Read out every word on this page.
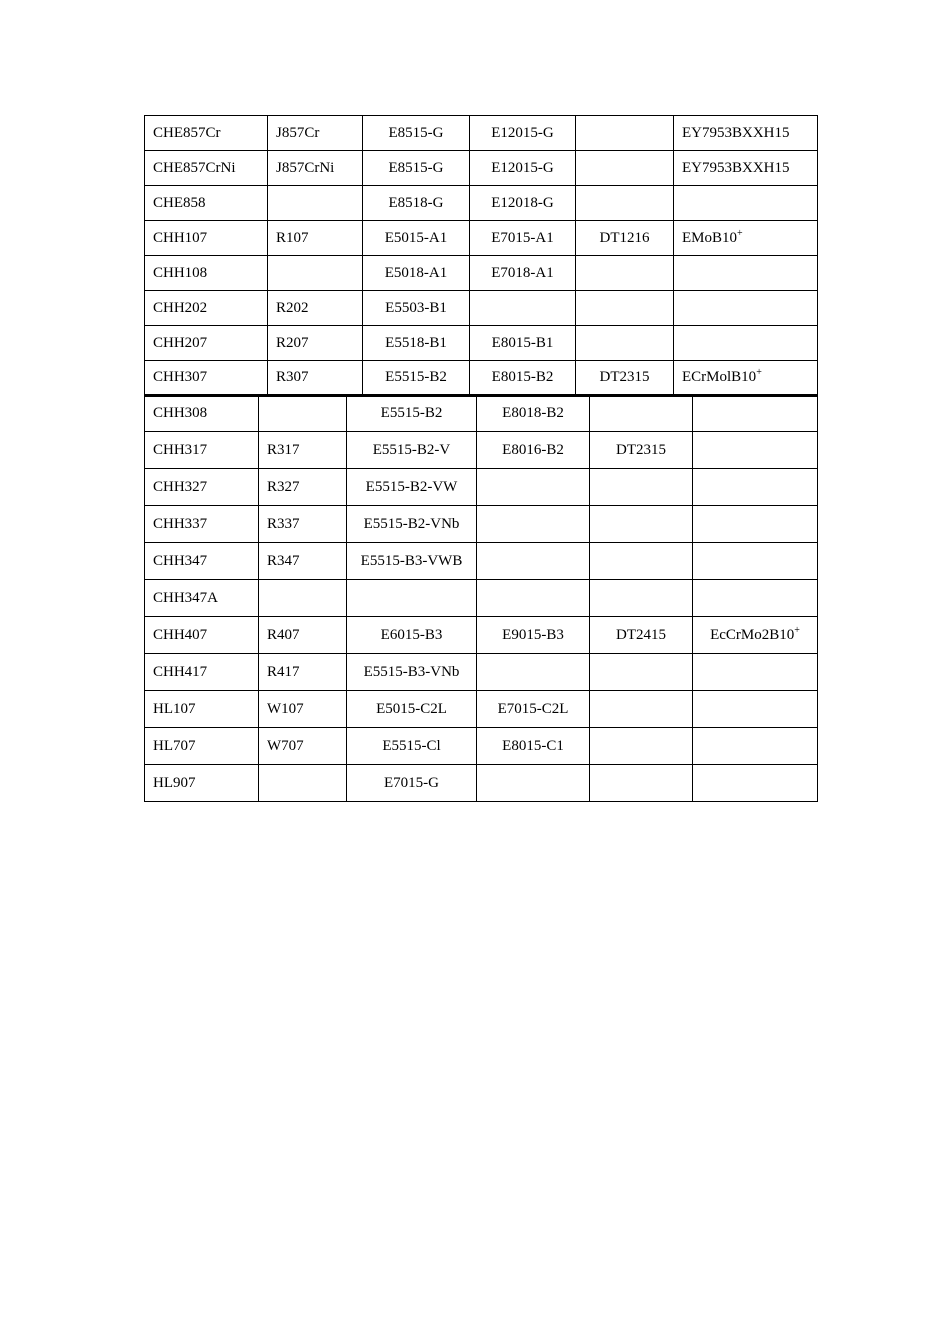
CHE857Cr	J857Cr	E8515-G	E12015-G		EY7953BXXH15
CHE857CrNi	J857CrNi	E8515-G	E12015-G		EY7953BXXH15
CHE858		E8518-G	E12018-G		
CHH107	R107	E5015-A1	E7015-A1	DT1216	EMoB10+
CHH108		E5018-A1	E7018-A1		
CHH202	R202	E5503-B1			
CHH207	R207	E5518-B1	E8015-B1		
CHH307	R307	E5515-B2	E8015-B2	DT2315	ECrMolB10+
CHH308		E5515-B2	E8018-B2		
CHH317	R317	E5515-B2-V	E8016-B2	DT2315	
CHH327	R327	E5515-B2-VW			
CHH337	R337	E5515-B2-VNb			
CHH347	R347	E5515-B3-VWB			
CHH347A					
CHH407	R407	E6015-B3	E9015-B3	DT2415	EcCrMo2B10+
CHH417	R417	E5515-B3-VNb			
HL107	W107	E5015-C2L	E7015-C2L		
HL707	W707	E5515-Cl	E8015-C1		
HL907		E7015-G			
